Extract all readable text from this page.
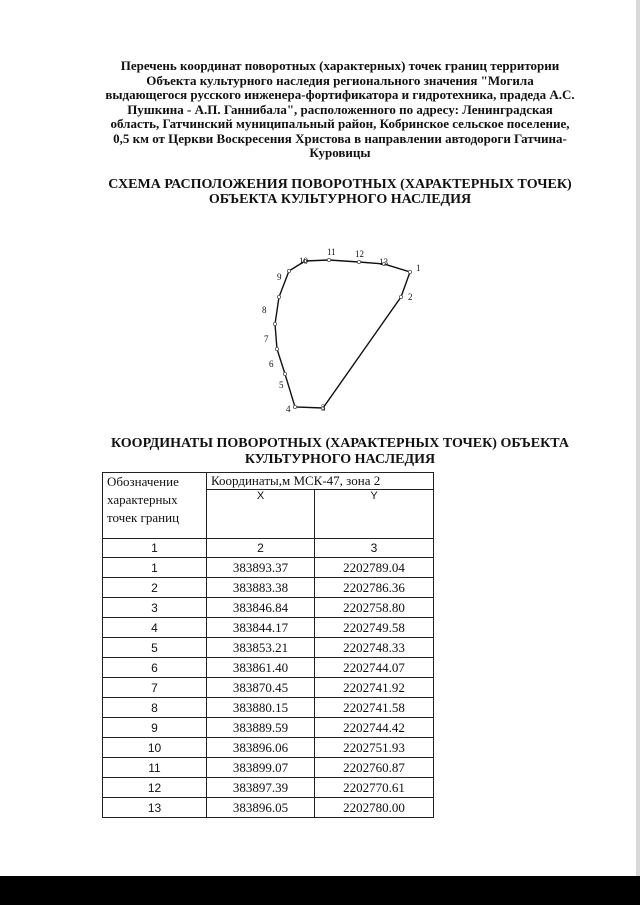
Перечень координат поворотных (характерных) точек границ территории
Объекта культурного наследия регионального значения "Могила
выдающегося русского инженера-фортификатора и гидротехника, прадеда А.С.
Пушкина - А.П. Ганнибала", расположенного по адресу: Ленинградская
область, Гатчинский муниципальный район, Кобринское сельское поселение,
0,5 км от Церкви Воскресения Христова в направлении автодороги Гатчина-
Куровицы
СХЕМА РАСПОЛОЖЕНИЯ ПОВОРОТНЫХ (ХАРАКТЕРНЫХ ТОЧЕК)
ОБЪЕКТА КУЛЬТУРНОГО НАСЛЕДИЯ
1
2
3
4
5
6
7
8
9
10
11 12
13
КООРДИНАТЫ ПОВОРОТНЫХ (ХАРАКТЕРНЫХ ТОЧЕК) ОБЪЕКТА
КУЛЬТУРНОГО НАСЛЕДИЯ
Обозначение характерных точек границ	Координаты,м МСК-47, зона 2	
	X	Y
1	2	3
1	383893.37	2202789.04
2	383883.38	2202786.36
3	383846.84	2202758.80
4	383844.17	2202749.58
5	383853.21	2202748.33
6	383861.40	2202744.07
7	383870.45	2202741.92
8	383880.15	2202741.58
9	383889.59	2202744.42
10	383896.06	2202751.93
11	383899.07	2202760.87
12	383897.39	2202770.61
13	383896.05	2202780.00
